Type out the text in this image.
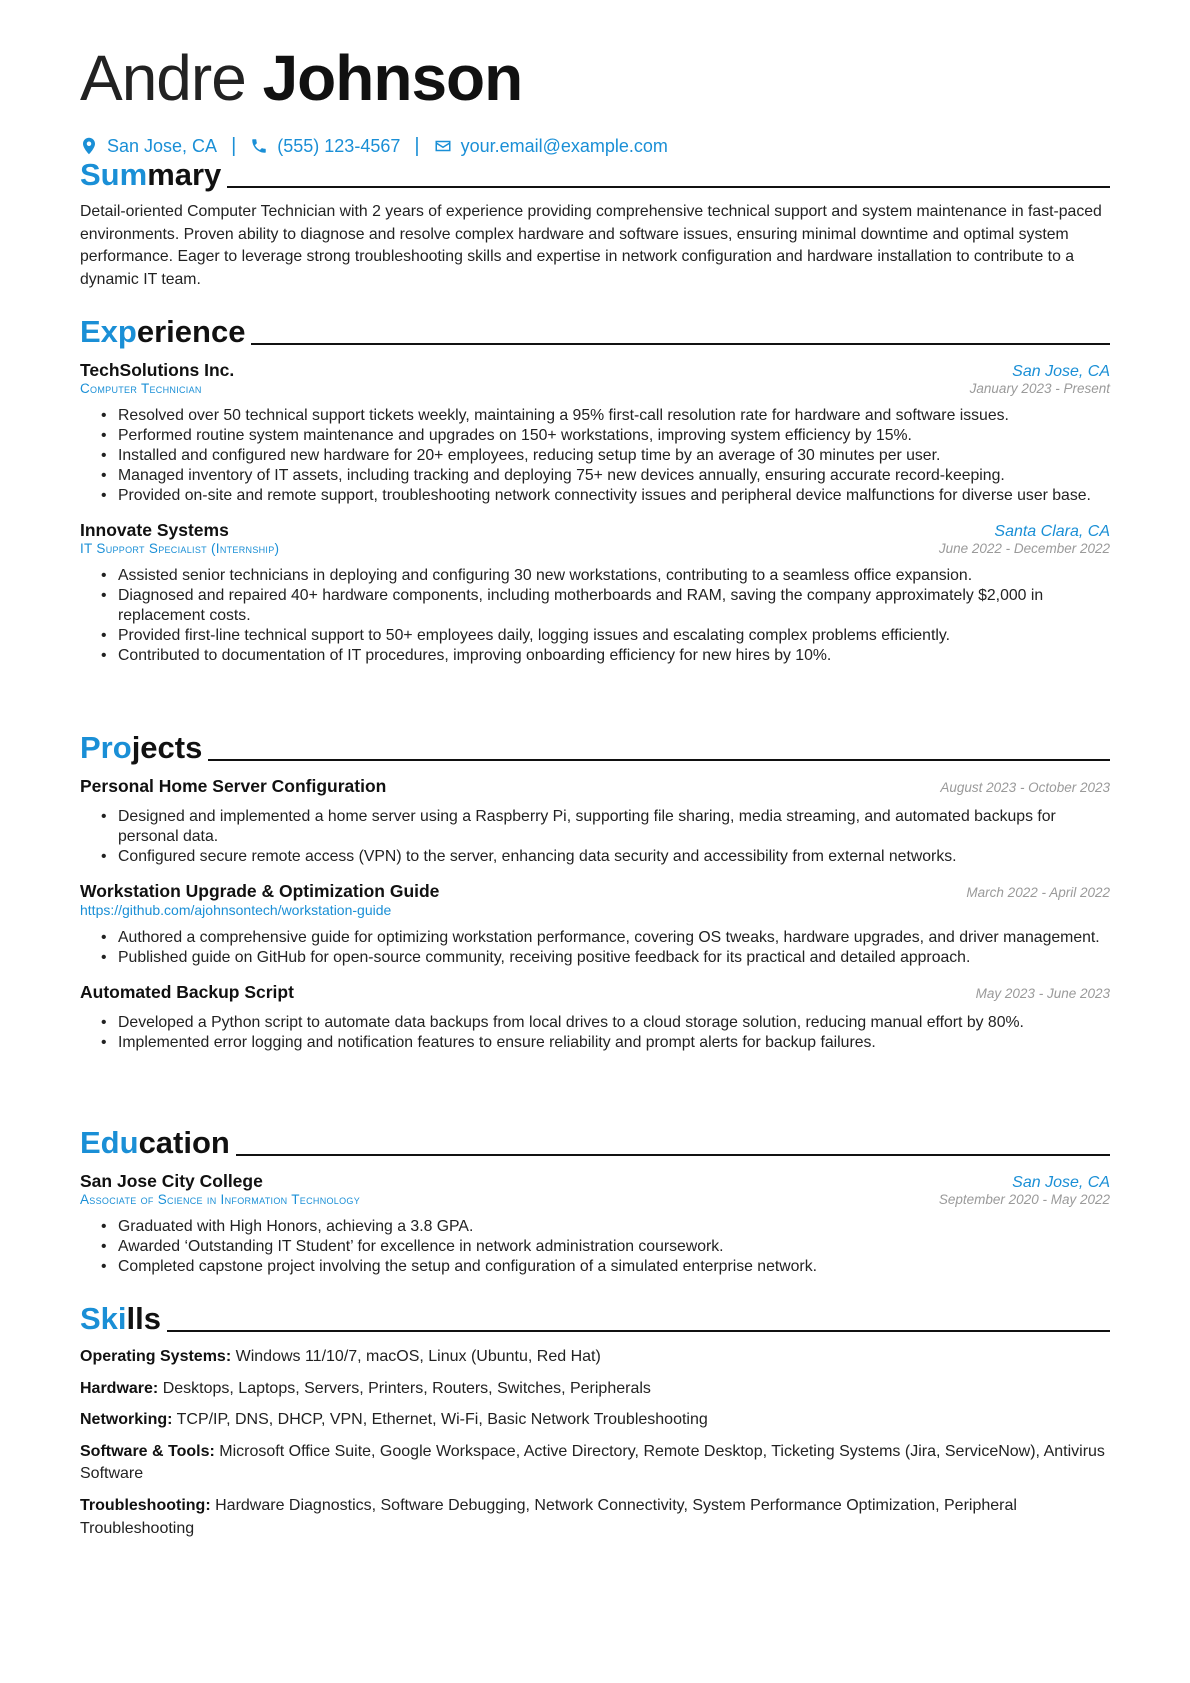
Andre Johnson
San Jose, CA | (555) 123-4567 | your.email@example.com
Summary

Detail-oriented Computer Technician with 2 years of experience providing comprehensive technical support and system maintenance in fast-paced environments. Proven ability to diagnose and resolve complex hardware and software issues, ensuring minimal downtime and optimal system performance. Eager to leverage strong troubleshooting skills and expertise in network configuration and hardware installation to contribute to a dynamic IT team.

Experience
TechSolutions Inc.	San Jose, CA
Computer Technician	January 2023 - Present
• Resolved over 50 technical support tickets weekly, maintaining a 95% first-call resolution rate for hardware and software issues.
• Performed routine system maintenance and upgrades on 150+ workstations, improving system efficiency by 15%.
• Installed and configured new hardware for 20+ employees, reducing setup time by an average of 30 minutes per user.
• Managed inventory of IT assets, including tracking and deploying 75+ new devices annually, ensuring accurate record-keeping.
• Provided on-site and remote support, troubleshooting network connectivity issues and peripheral device malfunctions for diverse user base.
Innovate Systems	Santa Clara, CA
IT Support Specialist (Internship)	June 2022 - December 2022
• Assisted senior technicians in deploying and configuring 30 new workstations, contributing to a seamless office expansion.
• Diagnosed and repaired 40+ hardware components, including motherboards and RAM, saving the company approximately $2,000 in replacement costs.
• Provided first-line technical support to 50+ employees daily, logging issues and escalating complex problems efficiently.
• Contributed to documentation of IT procedures, improving onboarding efficiency for new hires by 10%.
Projects
Personal Home Server Configuration	August 2023 - October 2023
• Designed and implemented a home server using a Raspberry Pi, supporting file sharing, media streaming, and automated backups for personal data.
• Configured secure remote access (VPN) to the server, enhancing data security and accessibility from external networks.
Workstation Upgrade & Optimization Guide	March 2022 - April 2022
https://github.com/ajohnsontech/workstation-guide
• Authored a comprehensive guide for optimizing workstation performance, covering OS tweaks, hardware upgrades, and driver management.
• Published guide on GitHub for open-source community, receiving positive feedback for its practical and detailed approach.
Automated Backup Script	May 2023 - June 2023
• Developed a Python script to automate data backups from local drives to a cloud storage solution, reducing manual effort by 80%.
• Implemented error logging and notification features to ensure reliability and prompt alerts for backup failures.
Education
San Jose City College	San Jose, CA
Associate of Science in Information Technology	September 2020 - May 2022
• Graduated with High Honors, achieving a 3.8 GPA.
• Awarded ‘Outstanding IT Student’ for excellence in network administration coursework.
• Completed capstone project involving the setup and configuration of a simulated enterprise network.
Skills
Operating Systems: Windows 11/10/7, macOS, Linux (Ubuntu, Red Hat)
Hardware: Desktops, Laptops, Servers, Printers, Routers, Switches, Peripherals
Networking: TCP/IP, DNS, DHCP, VPN, Ethernet, Wi-Fi, Basic Network Troubleshooting
Software & Tools: Microsoft Office Suite, Google Workspace, Active Directory, Remote Desktop, Ticketing Systems (Jira, ServiceNow), Antivirus Software
Troubleshooting: Hardware Diagnostics, Software Debugging, Network Connectivity, System Performance Optimization, Peripheral Troubleshooting
